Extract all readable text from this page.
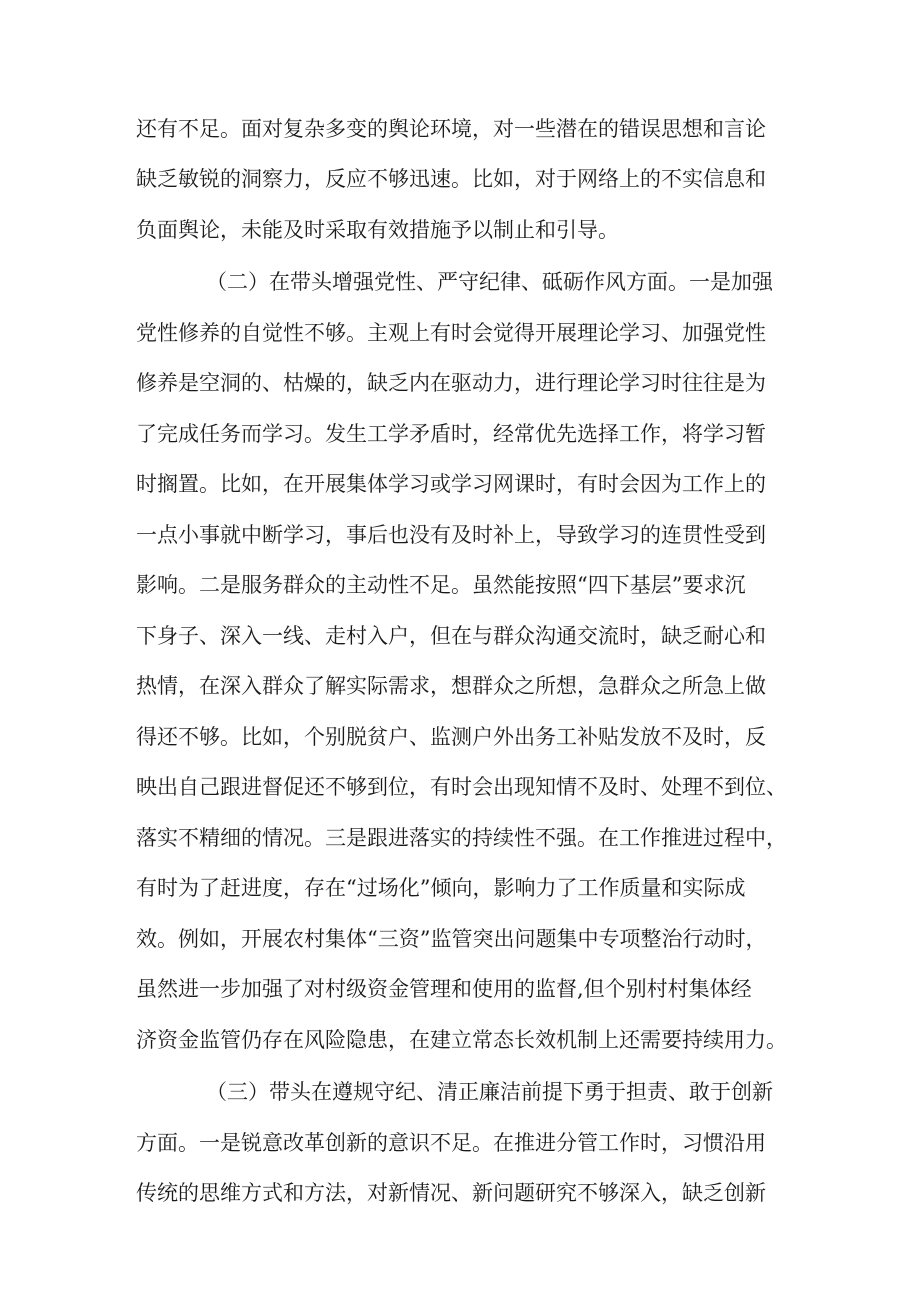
还有不足。面对复杂多变的舆论环境，对一些潜在的错误思想和言论
缺乏敏锐的洞察力，反应不够迅速。比如，对于网络上的不实信息和
负面舆论，未能及时采取有效措施予以制止和引导。
（二）在带头增强党性、严守纪律、砥砺作风方面。一是加强
党性修养的自觉性不够。主观上有时会觉得开展理论学习、加强党性
修养是空洞的、枯燥的，缺乏内在驱动力，进行理论学习时往往是为
了完成任务而学习。发生工学矛盾时，经常优先选择工作，将学习暂
时搁置。比如，在开展集体学习或学习网课时，有时会因为工作上的
一点小事就中断学习，事后也没有及时补上，导致学习的连贯性受到
影响。二是服务群众的主动性不足。虽然能按照“四下基层”要求沉
下身子、深入一线、走村入户，但在与群众沟通交流时，缺乏耐心和
热情，在深入群众了解实际需求，想群众之所想，急群众之所急上做
得还不够。比如，个别脱贫户、监测户外出务工补贴发放不及时，反
映出自己跟进督促还不够到位，有时会出现知情不及时、处理不到位、
落实不精细的情况。三是跟进落实的持续性不强。在工作推进过程中，
有时为了赶进度，存在“过场化”倾向，影响力了工作质量和实际成
效。例如，开展农村集体“三资”监管突出问题集中专项整治行动时，
虽然进一步加强了对村级资金管理和使用的监督,但个别村村集体经
济资金监管仍存在风险隐患，在建立常态长效机制上还需要持续用力。
（三）带头在遵规守纪、清正廉洁前提下勇于担责、敢于创新
方面。一是锐意改革创新的意识不足。在推进分管工作时，习惯沿用
传统的思维方式和方法，对新情况、新问题研究不够深入，缺乏创新
